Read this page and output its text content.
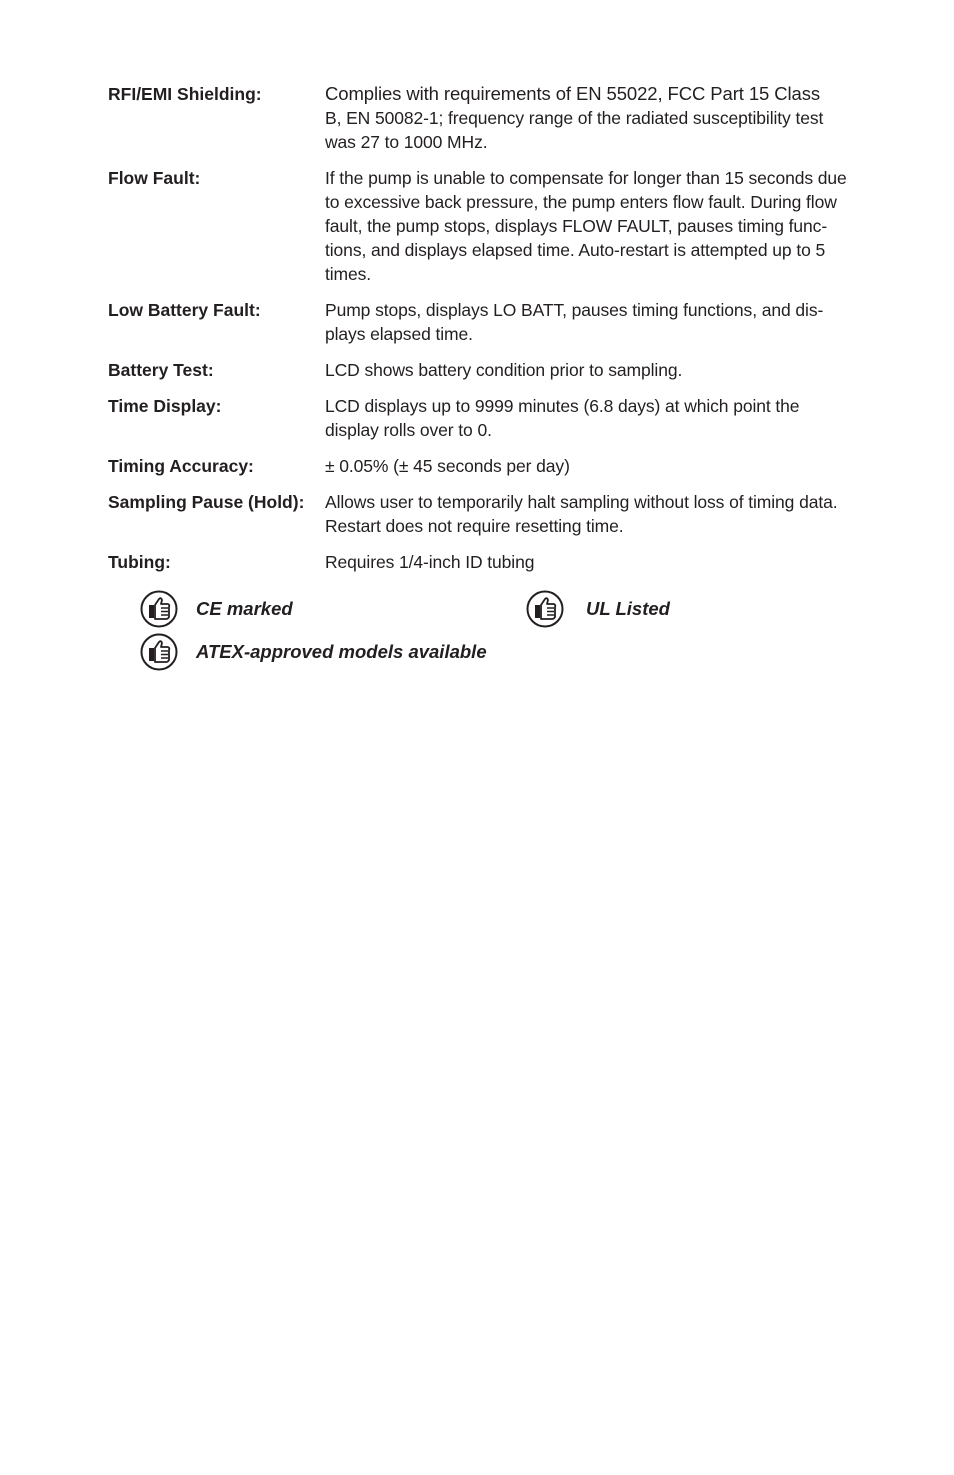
RFI/EMI Shielding:	Complies with requirements of EN 55022, FCC Part 15 Class
B, EN 50082-1; frequency range of the radiated susceptibility test
was 27 to 1000 MHz.
Flow Fault:	If the pump is unable to compensate for longer than 15 seconds due
to excessive back pressure, the pump enters flow fault. During flow
fault, the pump stops, displays FLOW FAULT, pauses timing func-
tions, and displays elapsed time. Auto-restart is attempted up to 5
times.
Low Battery Fault:	Pump stops, displays LO BATT, pauses timing functions, and dis-
plays elapsed time.
Battery Test:	LCD shows battery condition prior to sampling.
Time Display:	LCD displays up to 9999 minutes (6.8 days) at which point the
display rolls over to 0.
Timing Accuracy:	± 0.05% (± 45 seconds per day)
Sampling Pause (Hold): Allows user to temporarily halt sampling without loss of timing data.
Restart does not require resetting time.
Tubing:	Requires 1/4-inch ID tubing
CE marked	UL Listed
ATEX-approved models available
